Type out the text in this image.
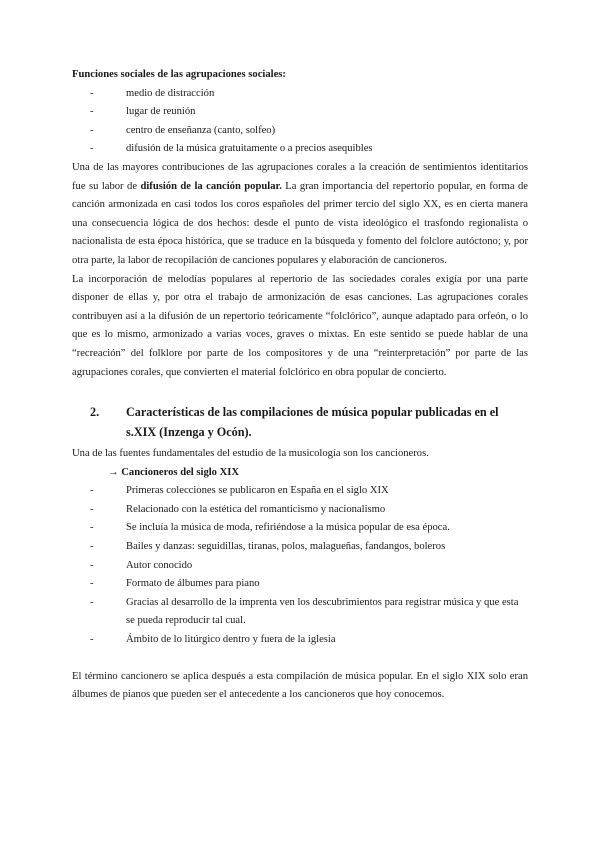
Funciones sociales de las agrupaciones sociales:
-	medio de distracción
-	lugar de reunión
-	centro de enseñanza (canto, solfeo)
-	difusión de la música gratuitamente o a precios asequibles

Una de las mayores contribuciones de las agrupaciones corales a la creación de sentimientos identitarios fue su labor de difusión de la canción popular. La gran importancia del repertorio popular, en forma de canción armonizada en casi todos los coros españoles del primer tercio del siglo XX, es en cierta manera una consecuencia lógica de dos hechos: desde el punto de vista ideológico el trasfondo regionalista o nacionalista de esta época histórica, que se traduce en la búsqueda y fomento del folclore autóctono; y, por otra parte, la labor de recopilación de canciones populares y elaboración de cancioneros.

La incorporación de melodías populares al repertorio de las sociedades corales exigía por una parte disponer de ellas y, por otra el trabajo de armonización de esas canciones. Las agrupaciones corales contribuyen así a la difusión de un repertorio teóricamente “folclórico”, aunque adaptado para orfeón, o lo que es lo mismo, armonizado a varias voces, graves o mixtas. En este sentido se puede hablar de una “recreación” del folklore por parte de los compositores y de una “reinterpretación” por parte de las agrupaciones corales, que convierten el material folclórico en obra popular de concierto.

2. Características de las compilaciones de música popular publicadas en el s.XIX (Inzenga y Ocón).

Una de las fuentes fundamentales del estudio de la musicología son los cancioneros.

→ Cancioneros del siglo XIX
-	Primeras colecciones se publicaron en España en el siglo XIX
-	Relacionado con la estética del romanticismo y nacionalismo
-	Se incluía la música de moda, refiriéndose a la música popular de esa época.
-	Bailes y danzas: seguidillas, tiranas, polos, malagueñas, fandangos, boleros
-	Autor conocido
-	Formato de álbumes para piano
-	Gracias al desarrollo de la imprenta ven los descubrimientos para registrar música y que esta se pueda reproducir tal cual.
-	Ámbito de lo litúrgico dentro y fuera de la iglesia

El término cancionero se aplica después a esta compilación de música popular. En el siglo XIX solo eran álbumes de pianos que pueden ser el antecedente a los cancioneros que hoy conocemos.
